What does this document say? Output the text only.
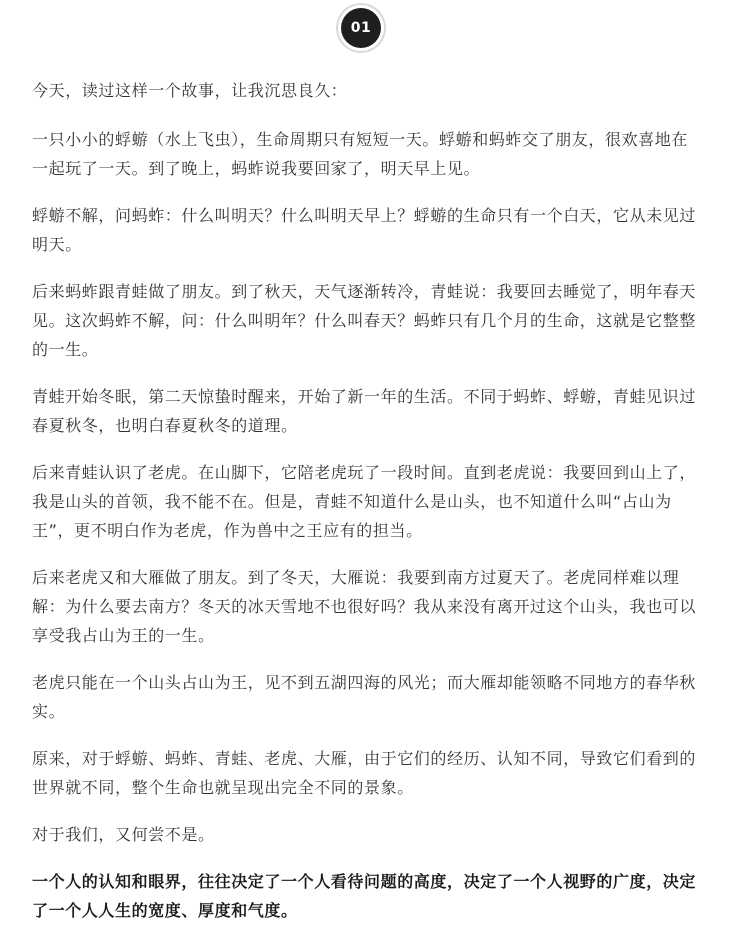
01

今天，读过这样一个故事，让我沉思良久：

一只小小的蜉蝣（水上飞虫），生命周期只有短短一天。蜉蝣和蚂蚱交了朋友，很欢喜地在一起玩了一天。到了晚上，蚂蚱说我要回家了，明天早上见。

蜉蝣不解，问蚂蚱：什么叫明天？什么叫明天早上？蜉蝣的生命只有一个白天，它从未见过明天。

后来蚂蚱跟青蛙做了朋友。到了秋天，天气逐渐转冷，青蛙说：我要回去睡觉了，明年春天见。这次蚂蚱不解，问：什么叫明年？什么叫春天？蚂蚱只有几个月的生命，这就是它整整的一生。

青蛙开始冬眠，第二天惊蛰时醒来，开始了新一年的生活。不同于蚂蚱、蜉蝣，青蛙见识过春夏秋冬，也明白春夏秋冬的道理。

后来青蛙认识了老虎。在山脚下，它陪老虎玩了一段时间。直到老虎说：我要回到山上了，我是山头的首领，我不能不在。但是，青蛙不知道什么是山头，也不知道什么叫“占山为王”，更不明白作为老虎，作为兽中之王应有的担当。

后来老虎又和大雁做了朋友。到了冬天，大雁说：我要到南方过夏天了。老虎同样难以理解：为什么要去南方？冬天的冰天雪地不也很好吗？我从来没有离开过这个山头，我也可以享受我占山为王的一生。

老虎只能在一个山头占山为王，见不到五湖四海的风光；而大雁却能领略不同地方的春华秋实。

原来，对于蜉蝣、蚂蚱、青蛙、老虎、大雁，由于它们的经历、认知不同，导致它们看到的世界就不同，整个生命也就呈现出完全不同的景象。

对于我们，又何尝不是。

一个人的认知和眼界，往往决定了一个人看待问题的高度，决定了一个人视野的广度，决定了一个人人生的宽度、厚度和气度。
